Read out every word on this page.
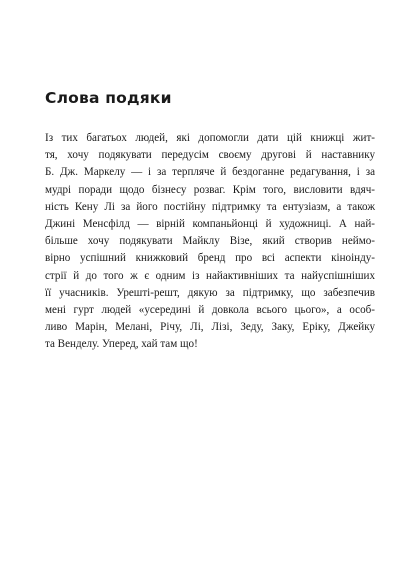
Слова подяки
Із тих багатьох людей, які допомогли дати цій книжці жит-
тя, хочу подякувати передусім своєму другові й наставнику
Б. Дж. Маркелу — і за терпляче й бездоганне редагування, і за
мудрі поради щодо бізнесу розваг. Крім того, висловити вдяч-
ність Кену Лі за його постійну підтримку та ентузіазм, а також
Джині Менсфілд — вірній компаньйонці й художниці. А най-
більше хочу подякувати Майклу Візе, який створив неймо-
вірно успішний книжковий бренд про всі аспекти кіноінду-
стрії й до того ж є одним із найактивніших та найуспішніших
її учасників. Урешті-решт, дякую за підтримку, що забезпечив
мені гурт людей «усередині й довкола всього цього», а особ-
ливо Марін, Мелані, Річу, Лі, Лізі, Зеду, Заку, Еріку, Джейку
та Венделу. Уперед, хай там що!
